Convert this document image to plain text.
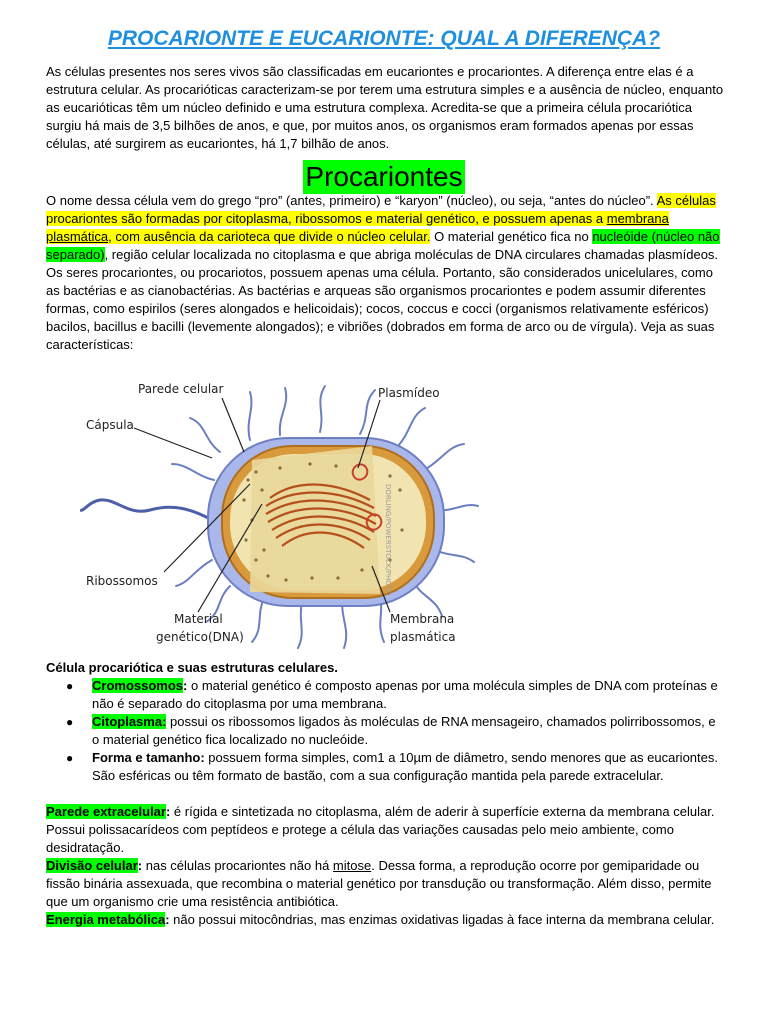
PROCARIONTE E EUCARIONTE: QUAL A DIFERENÇA?

As células presentes nos seres vivos são classificadas em eucariontes e procariontes. A diferença entre elas é a estrutura celular. As procarióticas caracterizam-se por terem uma estrutura simples e a ausência de núcleo, enquanto as eucarióticas têm um núcleo definido e uma estrutura complexa. Acredita-se que a primeira célula procariótica surgiu há mais de 3,5 bilhões de anos, e que, por muitos anos, os organismos eram formados apenas por essas células, até surgirem as eucariontes, há 1,7 bilhão de anos.

Procariontes

O nome dessa célula vem do grego “pro” (antes, primeiro) e “karyon” (núcleo), ou seja, “antes do núcleo”. As células procariontes são formadas por citoplasma, ribossomos e material genético, e possuem apenas a membrana plasmática, com ausência da carioteca que divide o núcleo celular. O material genético fica no nucleóide (núcleo não separado), região celular localizada no citoplasma e que abriga moléculas de DNA circulares chamadas plasmídeos.

Os seres procariontes, ou procariotos, possuem apenas uma célula. Portanto, são considerados unicelulares, como as bactérias e as cianobactérias. As bactérias e arqueas são organismos procariontes e podem assumir diferentes formas, como espirilos (seres alongados e helicoidais); cocos, coccus e cocci (organismos relativamente esféricos) bacilos, bacillus e bacilli (levemente alongados); e vibriões (dobrados em forma de arco ou de vírgula). Veja as suas características:

Parede celular	Plasmídeo
Cápsula
Ribossomos
Material
genético(DNA)
Membrana
plasmática
DORLING/POWERSTOCK/PHOTO

Célula procariótica e suas estruturas celulares.

● Cromossomos: o material genético é composto apenas por uma molécula simples de DNA com proteínas e não é separado do citoplasma por uma membrana.
● Citoplasma: possui os ribossomos ligados às moléculas de RNA mensageiro, chamados polirribossomos, e o material genético fica localizado no nucleóide.
● Forma e tamanho: possuem forma simples, com1 a 10µm de diâmetro, sendo menores que as eucariontes. São esféricas ou têm formato de bastão, com a sua configuração mantida pela parede extracelular.

Parede extracelular: é rígida e sintetizada no citoplasma, além de aderir à superfície externa da membrana celular. Possui polissacarídeos com peptídeos e protege a célula das variações causadas pelo meio ambiente, como desidratação.

Divisão celular: nas células procariontes não há mitose. Dessa forma, a reprodução ocorre por gemiparidade ou fissão binária assexuada, que recombina o material genético por transdução ou transformação. Além disso, permite que um organismo crie uma resistência antibiótica.

Energia metabólica: não possui mitocôndrias, mas enzimas oxidativas ligadas à face interna da membrana celular.
